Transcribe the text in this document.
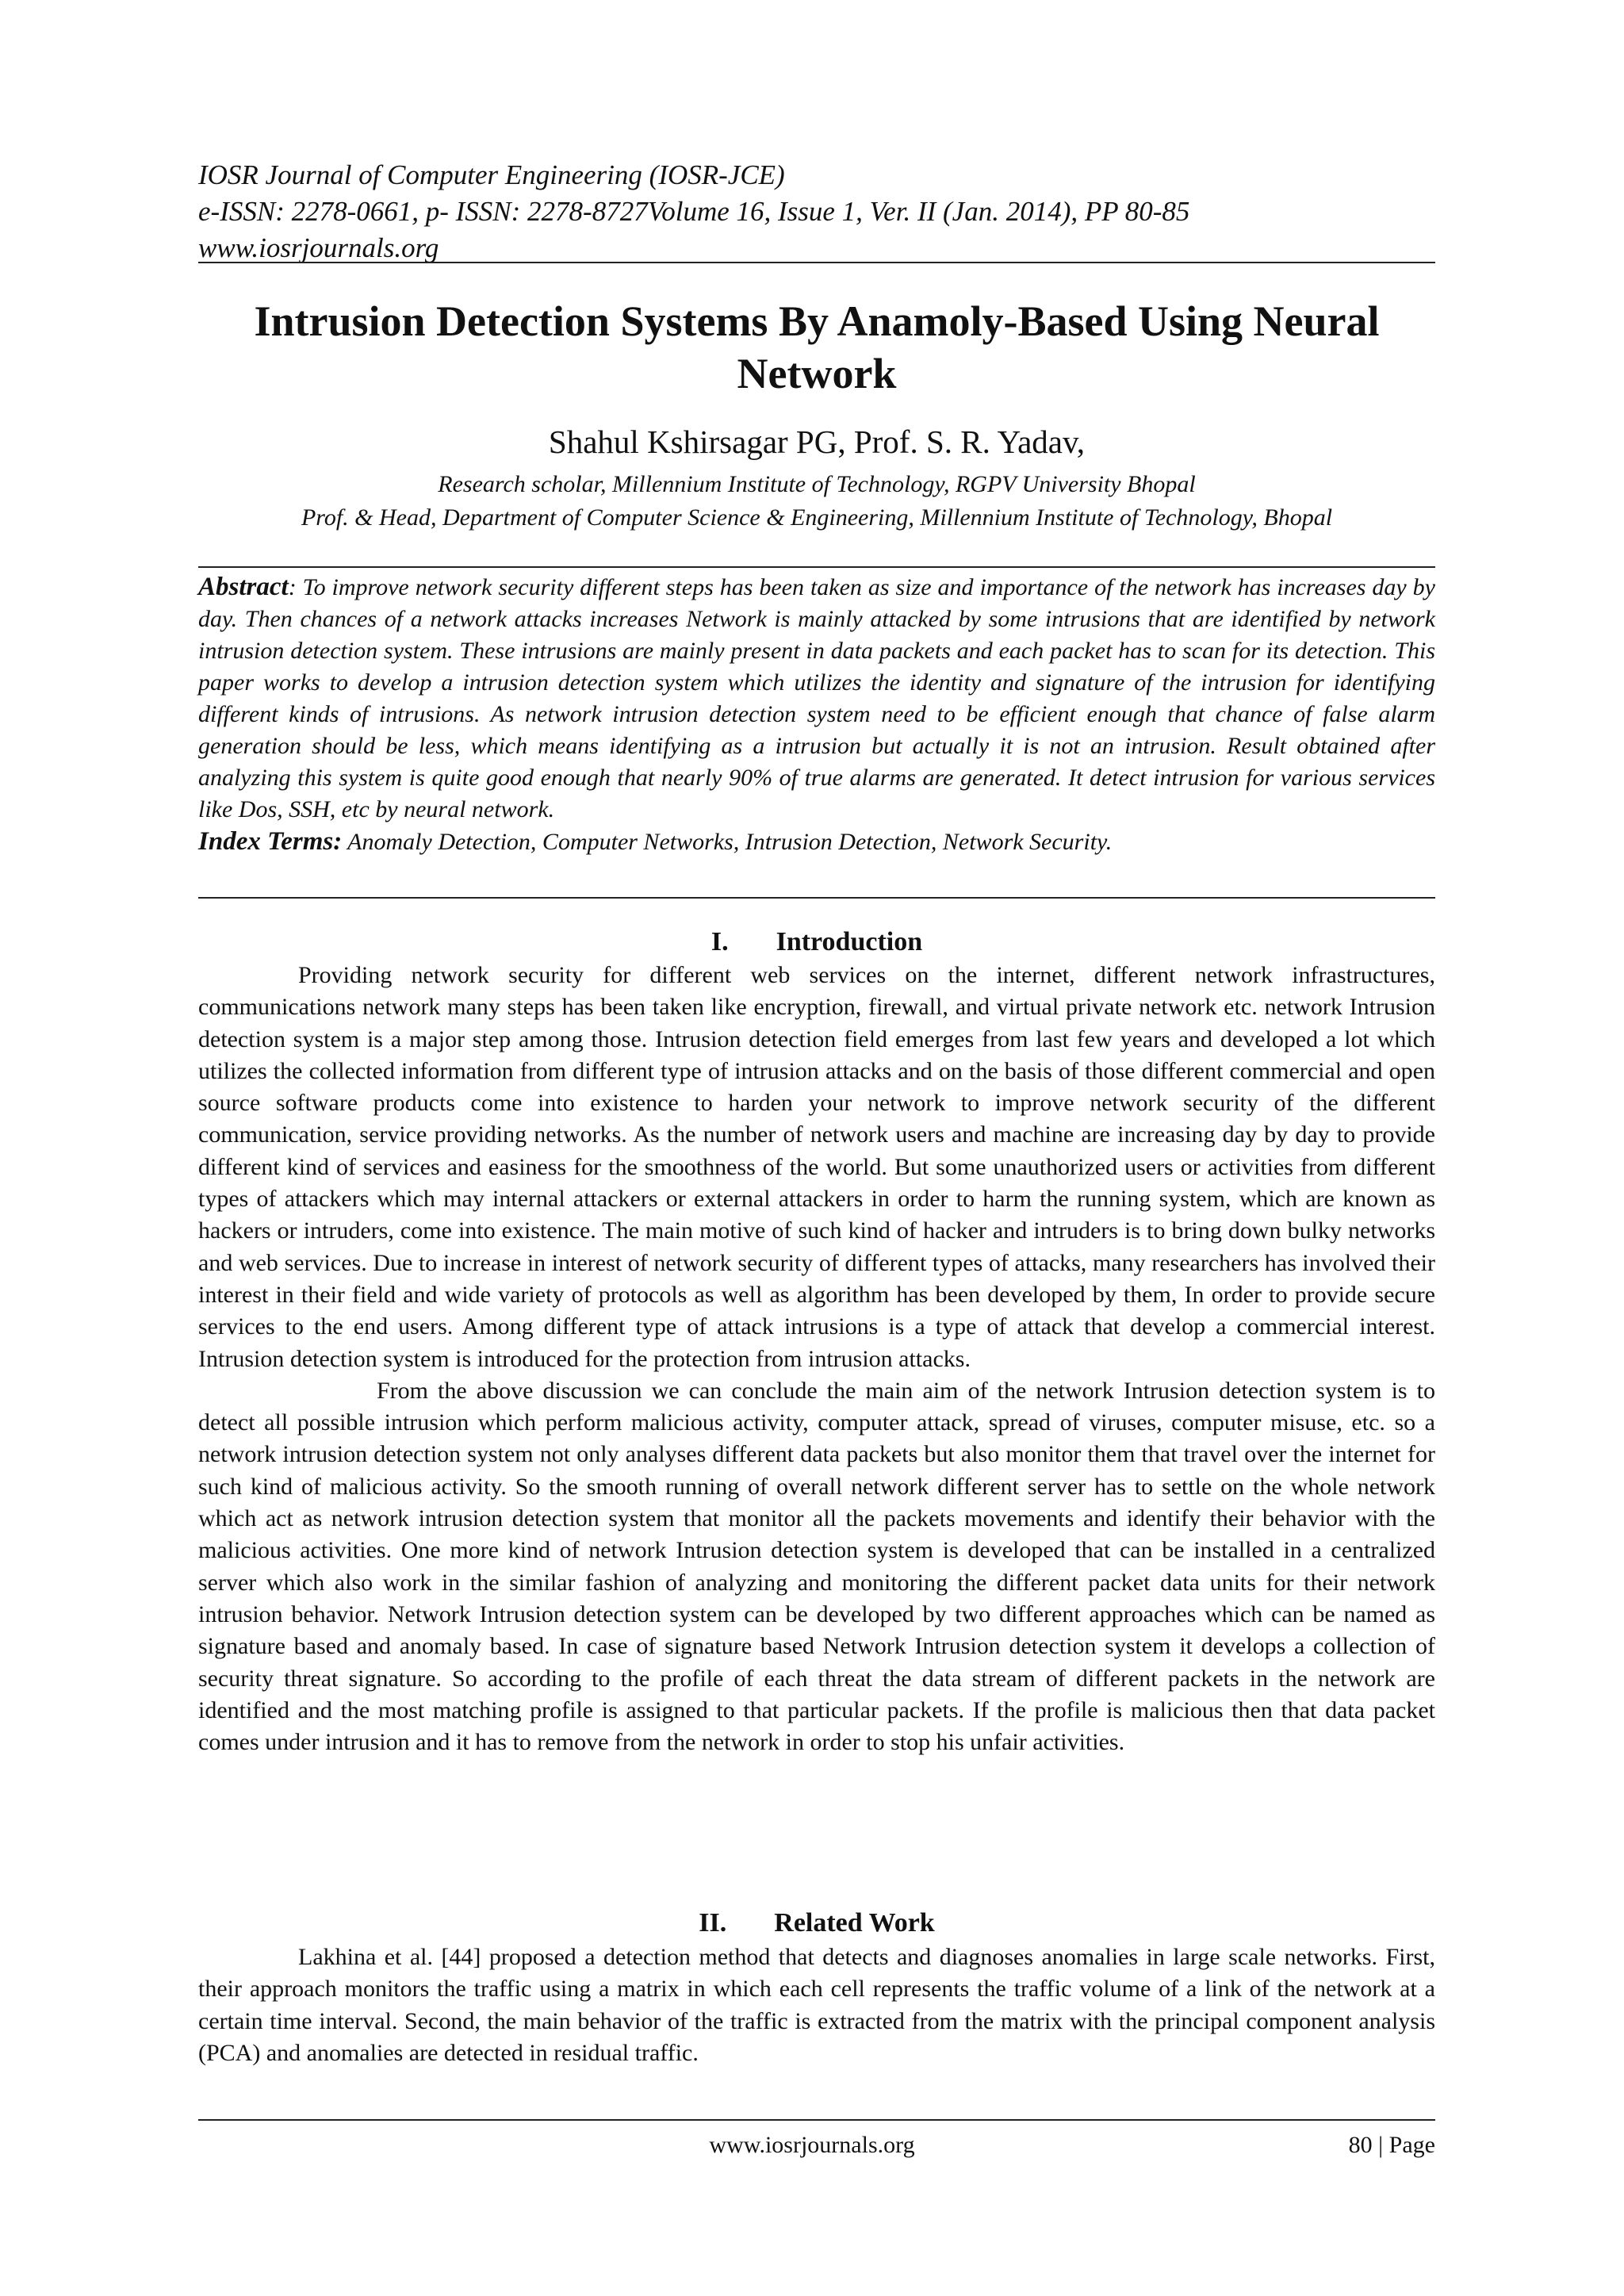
IOSR Journal of Computer Engineering (IOSR-JCE)
e-ISSN: 2278-0661, p- ISSN: 2278-8727Volume 16, Issue 1, Ver. II (Jan. 2014), PP 80-85
www.iosrjournals.org
Intrusion Detection Systems By Anamoly-Based Using Neural
Network
Shahul Kshirsagar PG, Prof. S. R. Yadav,
Research scholar, Millennium Institute of Technology, RGPV University Bhopal
Prof. & Head, Department of Computer Science & Engineering, Millennium Institute of Technology, Bhopal

Abstract: To improve network security different steps has been taken as size and importance of the network has increases day by day. Then chances of a network attacks increases Network is mainly attacked by some intrusions that are identified by network intrusion detection system. These intrusions are mainly present in data packets and each packet has to scan for its detection. This paper works to develop a intrusion detection system which utilizes the identity and signature of the intrusion for identifying different kinds of intrusions. As network intrusion detection system need to be efficient enough that chance of false alarm generation should be less, which means identifying as a intrusion but actually it is not an intrusion. Result obtained after analyzing this system is quite good enough that nearly 90% of true alarms are generated. It detect intrusion for various services like Dos, SSH, etc by neural network.

Index Terms: Anomaly Detection, Computer Networks, Intrusion Detection, Network Security.

I. Introduction

Providing network security for different web services on the internet, different network infrastructures, communications network many steps has been taken like encryption, firewall, and virtual private network etc. network Intrusion detection system is a major step among those. Intrusion detection field emerges from last few years and developed a lot which utilizes the collected information from different type of intrusion attacks and on the basis of those different commercial and open source software products come into existence to harden your network to improve network security of the different communication, service providing networks. As the number of network users and machine are increasing day by day to provide different kind of services and easiness for the smoothness of the world. But some unauthorized users or activities from different types of attackers which may internal attackers or external attackers in order to harm the running system, which are known as hackers or intruders, come into existence. The main motive of such kind of hacker and intruders is to bring down bulky networks and web services. Due to increase in interest of network security of different types of attacks, many researchers has involved their interest in their field and wide variety of protocols as well as algorithm has been developed by them, In order to provide secure services to the end users. Among different type of attack intrusions is a type of attack that develop a commercial interest. Intrusion detection system is introduced for the protection from intrusion attacks.

From the above discussion we can conclude the main aim of the network Intrusion detection system is to detect all possible intrusion which perform malicious activity, computer attack, spread of viruses, computer misuse, etc. so a network intrusion detection system not only analyses different data packets but also monitor them that travel over the internet for such kind of malicious activity. So the smooth running of overall network different server has to settle on the whole network which act as network intrusion detection system that monitor all the packets movements and identify their behavior with the malicious activities. One more kind of network Intrusion detection system is developed that can be installed in a centralized server which also work in the similar fashion of analyzing and monitoring the different packet data units for their network intrusion behavior. Network Intrusion detection system can be developed by two different approaches which can be named as signature based and anomaly based. In case of signature based Network Intrusion detection system it develops a collection of security threat signature. So according to the profile of each threat the data stream of different packets in the network are identified and the most matching profile is assigned to that particular packets. If the profile is malicious then that data packet comes under intrusion and it has to remove from the network in order to stop his unfair activities.

II. Related Work

Lakhina et al. [44] proposed a detection method that detects and diagnoses anomalies in large scale networks. First, their approach monitors the traffic using a matrix in which each cell represents the traffic volume of a link of the network at a certain time interval. Second, the main behavior of the traffic is extracted from the matrix with the principal component analysis (PCA) and anomalies are detected in residual traffic.

www.iosrjournals.org	80 | Page
